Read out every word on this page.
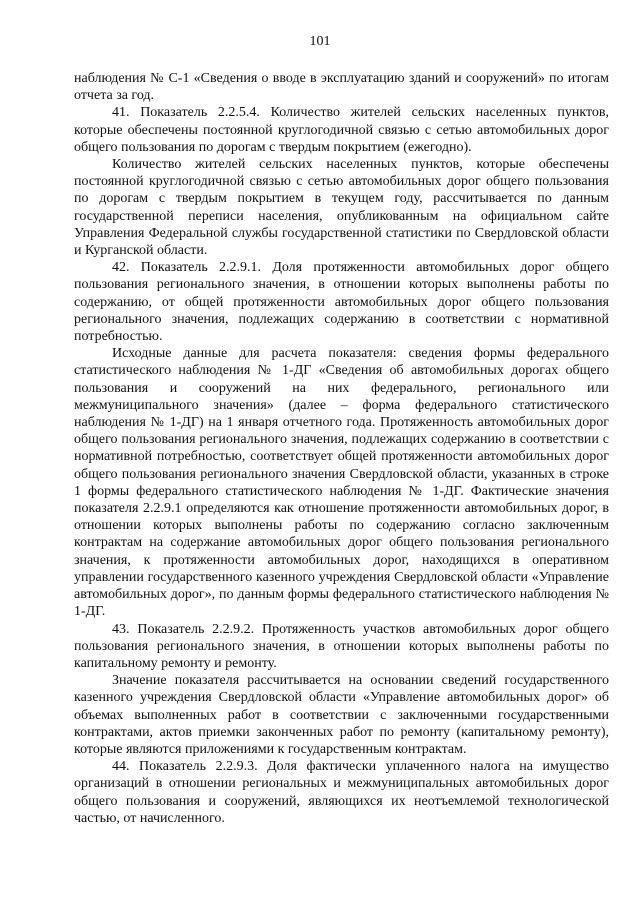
101

наблюдения № С-1 «Сведения о вводе в эксплуатацию зданий и сооружений» по итогам отчета за год.

41. Показатель 2.2.5.4. Количество жителей сельских населенных пунктов, которые обеспечены постоянной круглогодичной связью с сетью автомобильных дорог общего пользования по дорогам с твердым покрытием (ежегодно).

Количество жителей сельских населенных пунктов, которые обеспечены постоянной круглогодичной связью с сетью автомобильных дорог общего пользования по дорогам с твердым покрытием в текущем году, рассчитывается по данным государственной переписи населения, опубликованным на официальном сайте Управления Федеральной службы государственной статистики по Свердловской области и Курганской области.

42. Показатель 2.2.9.1. Доля протяженности автомобильных дорог общего пользования регионального значения, в отношении которых выполнены работы по содержанию, от общей протяженности автомобильных дорог общего пользования регионального значения, подлежащих содержанию в соответствии с нормативной потребностью.

Исходные данные для расчета показателя: сведения формы федерального статистического наблюдения № 1-ДГ «Сведения об автомобильных дорогах общего пользования и сооружений на них федерального, регионального или межмуниципального значения» (далее – форма федерального статистического наблюдения № 1-ДГ) на 1 января отчетного года. Протяженность автомобильных дорог общего пользования регионального значения, подлежащих содержанию в соответствии с нормативной потребностью, соответствует общей протяженности автомобильных дорог общего пользования регионального значения Свердловской области, указанных в строке 1 формы федерального статистического наблюдения № 1-ДГ. Фактические значения показателя 2.2.9.1 определяются как отношение протяженности автомобильных дорог, в отношении которых выполнены работы по содержанию согласно заключенным контрактам на содержание автомобильных дорог общего пользования регионального значения, к протяженности автомобильных дорог, находящихся в оперативном управлении государственного казенного учреждения Свердловской области «Управление автомобильных дорог», по данным формы федерального статистического наблюдения № 1-ДГ.

43. Показатель 2.2.9.2. Протяженность участков автомобильных дорог общего пользования регионального значения, в отношении которых выполнены работы по капитальному ремонту и ремонту.

Значение показателя рассчитывается на основании сведений государственного казенного учреждения Свердловской области «Управление автомобильных дорог» об объемах выполненных работ в соответствии с заключенными государственными контрактами, актов приемки законченных работ по ремонту (капитальному ремонту), которые являются приложениями к государственным контрактам.

44. Показатель 2.2.9.3. Доля фактически уплаченного налога на имущество организаций в отношении региональных и межмуниципальных автомобильных дорог общего пользования и сооружений, являющихся их неотъемлемой технологической частью, от начисленного.
